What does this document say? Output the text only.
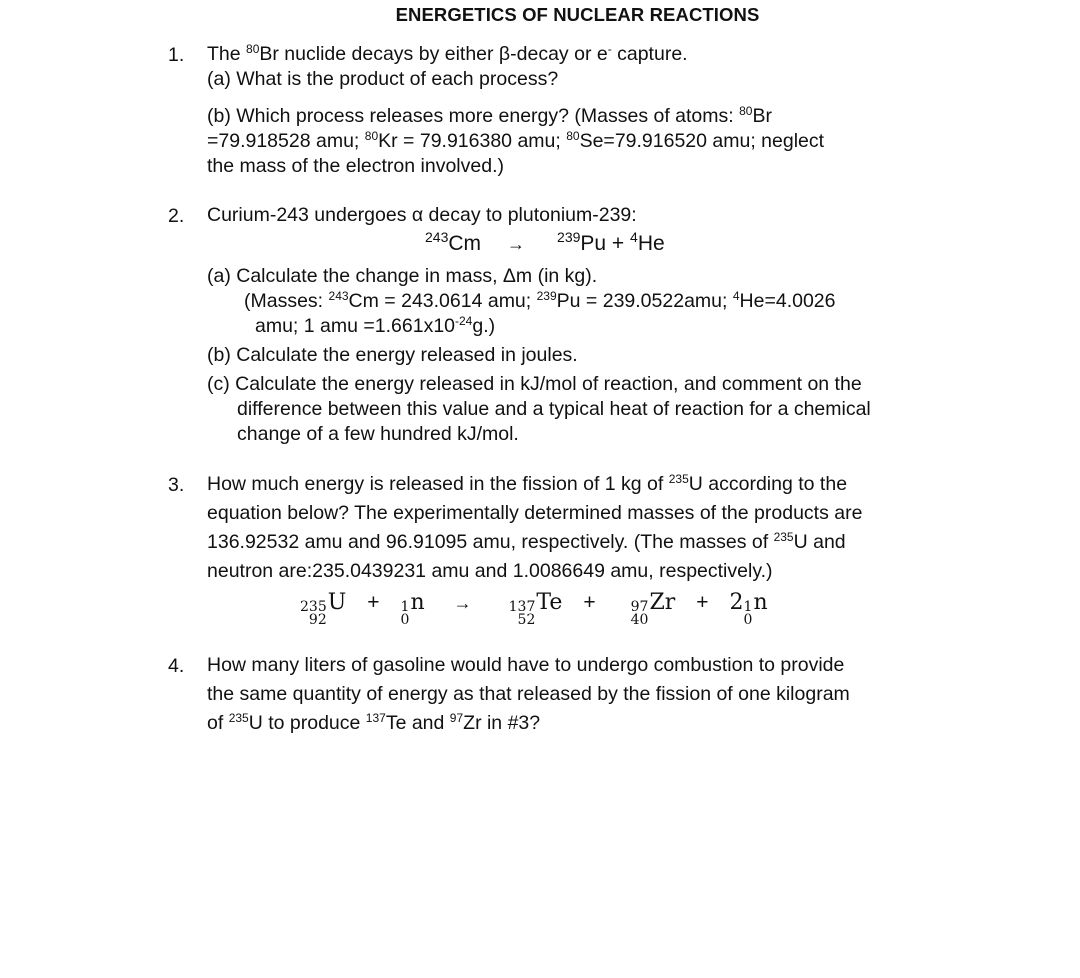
ENERGETICS OF NUCLEAR REACTIONS
1. The $^{80}$Br nuclide decays by either β-decay or e- capture.
(a) What is the product of each process?
(b) Which process releases more energy? (Masses of atoms: $^{80}$Br
=79.918528 amu; $^{80}$Kr = 79.916380 amu; $^{80}$Se=79.916520 amu; neglect
the mass of the electron involved.)
2. Curium-243 undergoes α decay to plutonium-239:
$^{243}$Cm → $^{239}$Pu + $^4$He
(a) Calculate the change in mass, Δm (in kg).
(Masses: $^{243}$Cm = 243.0614 amu; $^{239}$Pu = 239.0522amu; $^4$He=4.0026
amu; 1 amu $=1.661x10^{-24}g$.)
(b) Calculate the energy released in joules.
(c) Calculate the energy released in kJ/mol of reaction, and comment on the
difference between this value and a typical heat of reaction for a chemical
change of a few hundred kJ/mol.
3. How much energy is released in the fission of 1 kg of $^{235}$U according to the
equation below? The experimentally determined masses of the products are
136.92532 amu and 96.91095 amu, respectively. (The masses of $^{235}$U and
neutron are:235.0439231 amu and 1.0086649 amu, respectively.)
235
92
U + 1
0
n →	137
52
Te +	97
40
Zr + 2 1
0
n
4. How many liters of gasoline would have to undergo combustion to provide
the same quantity of energy as that released by the fission of one kilogram
of $^{235}$U to produce $^{137}$Te and $^{97}$Zr in #3?
